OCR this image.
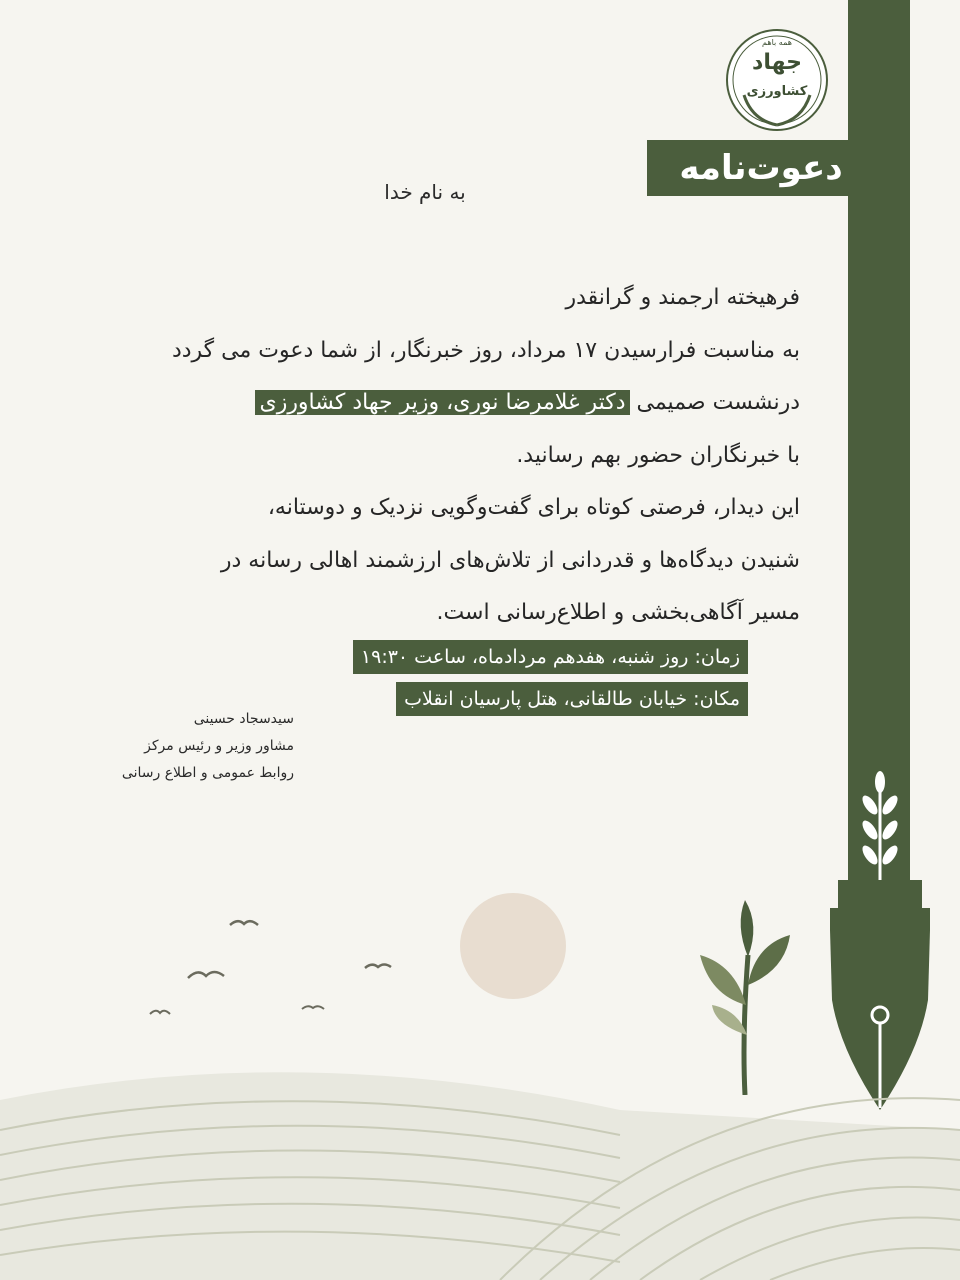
همه باهم
جهاد
کشاورزی
دعوت‌نامه
به نام خدا
فرهیخته ارجمند و گرانقدر
به مناسبت فرارسیدن ۱۷ مرداد، روز خبرنگار، از شما دعوت می گردد
درنشست صمیمی دکتر غلامرضا نوری، وزیر جهاد کشاورزی
با خبرنگاران حضور بهم رسانید.
این دیدار، فرصتی کوتاه برای گفت‌وگویی نزدیک و دوستانه،
شنیدن دیدگاه‌ها و قدردانی از تلاش‌های ارزشمند اهالی رسانه در
مسیر آگاهی‌بخشی و اطلاع‌رسانی است.
زمان: روز شنبه، هفدهم مردادماه، ساعت ۱۹:۳۰
مکان: خیابان طالقانی، هتل پارسیان انقلاب
سیدسجاد حسینی
مشاور وزیر و رئیس مرکز
روابط عمومی و اطلاع رسانی
